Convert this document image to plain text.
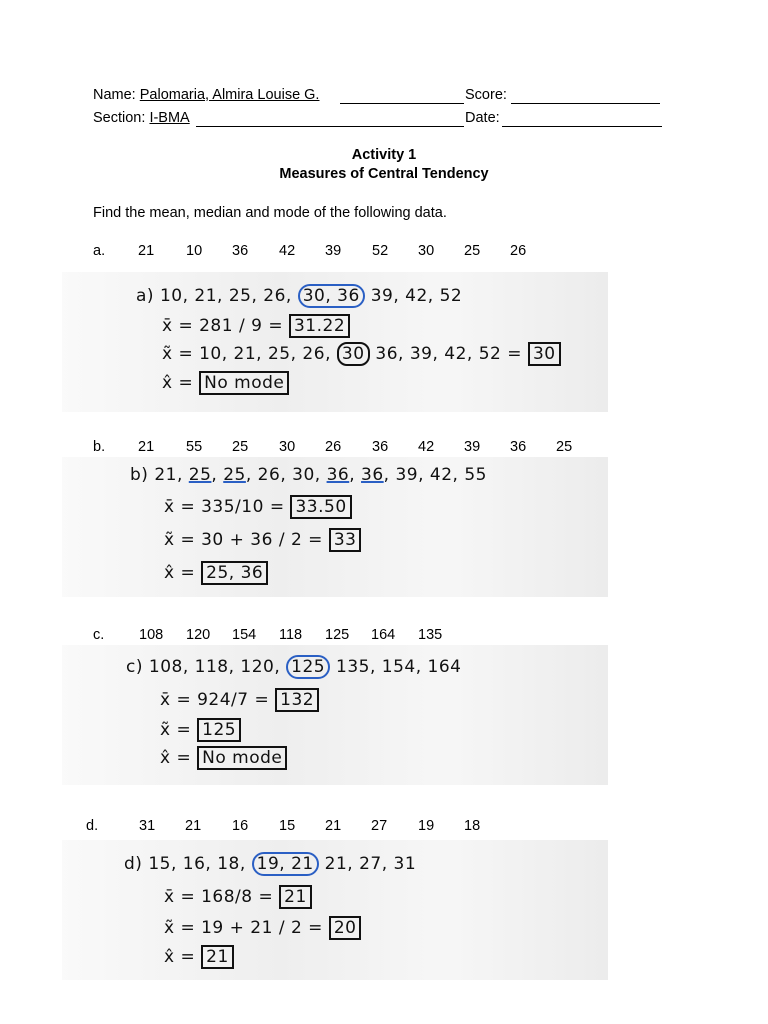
Name: Palomaria, Almira Louise G.	Score:
Section: I-BMA	Date:
Activity 1
Measures of Central Tendency
Find the mean, median and mode of the following data.
a. 21 10 36 42 39 52 30 25 26
a) 10, 21, 25, 26, 30, 36 39, 42, 52
x̄ = 281 / 9 = 31.22
x̃ = 10, 21, 25, 26, 30 36, 39, 42, 52 = 30
x̂ = No mode
b. 21 55 25 30 26 36 42 39 36 25
b) 21, 25, 25, 26, 30, 36, 36, 39, 42, 55
x̄ = 335/10 = 33.50
x̃ = 30 + 36 / 2 = 33
x̂ = 25, 36
c. 108 120 154 118 125 164 135
c) 108, 118, 120, 125 135, 154, 164
x̄ = 924/7 = 132
x̃ = 125
x̂ = No mode
d.	31 21 16 15 21 27 19 18
d) 15, 16, 18, 19, 21 21, 27, 31
x̄ = 168/8 = 21
x̃ = 19 + 21 / 2 = 20
x̂ = 21
